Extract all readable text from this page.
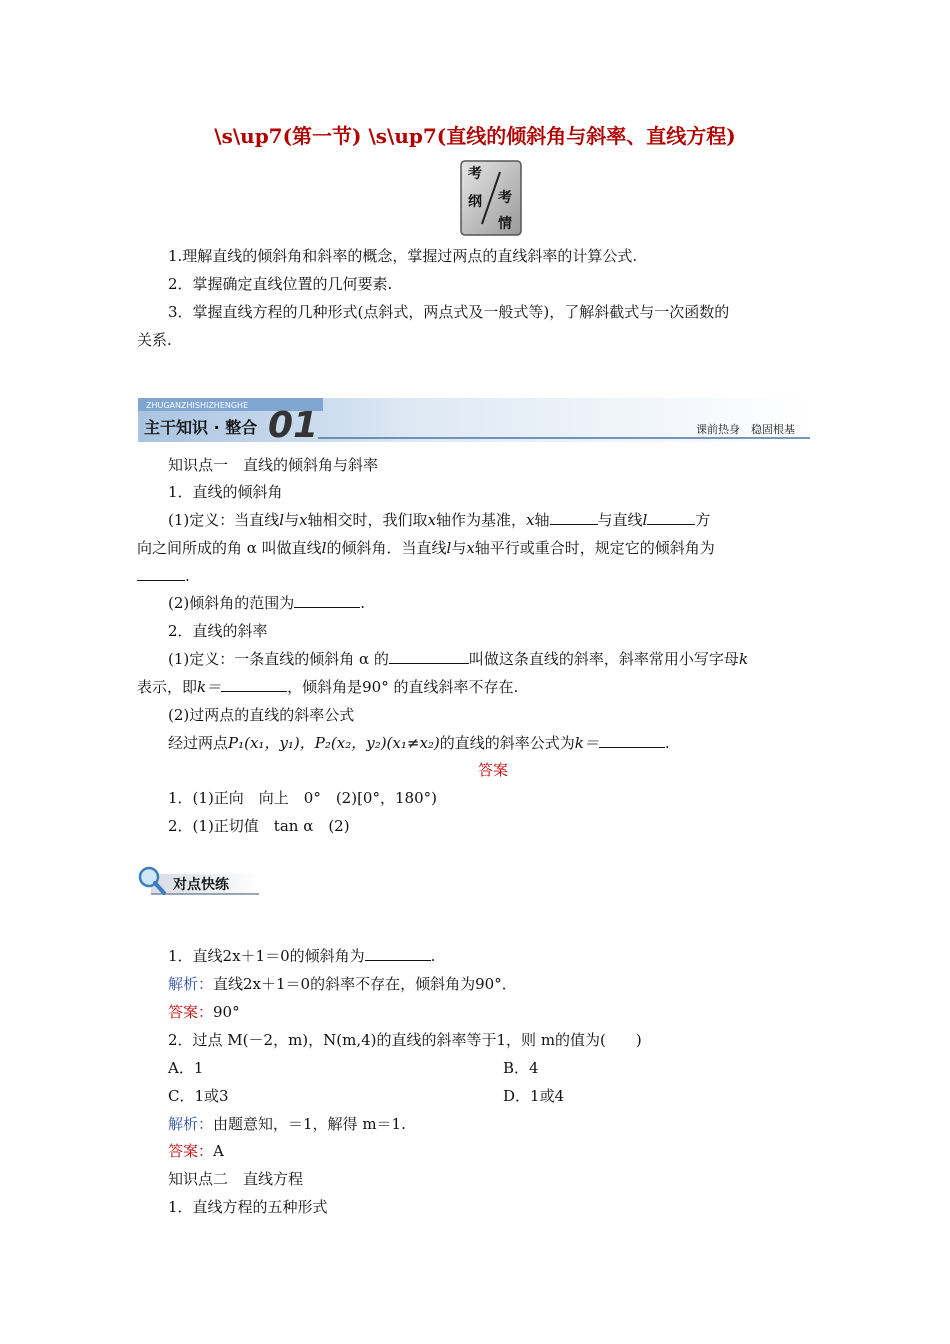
\s\up7(第一节) \s\up7(直线的倾斜角与斜率、直线方程)
考
纲 考
情
1.理解直线的倾斜角和斜率的概念，掌握过两点的直线斜率的计算公式.
2．掌握确定直线位置的几何要素.
3．掌握直线方程的几种形式(点斜式，两点式及一般式等)，了解斜截式与一次函数的
关系.
ZHUGANZHISHIZHENGHE
主干知识 · 整合 01	课前热身　稳固根基
知识点一　直线的倾斜角与斜率
1．直线的倾斜角
(1)定义：当直线l与x轴相交时，我们取x轴作为基准，x轴	与直线l	方
向之间所成的角 α 叫做直线l的倾斜角．当直线l与x轴平行或重合时，规定它的倾斜角为
.
(2)倾斜角的范围为	.
2．直线的斜率
(1)定义：一条直线的倾斜角 α 的	叫做这条直线的斜率，斜率常用小写字母k
表示，即k＝	，倾斜角是90° 的直线斜率不存在.
(2)过两点的直线的斜率公式
经过两点P₁(x₁，y₁)，P₂(x₂，y₂)(x₁≠x₂)的直线的斜率公式为k＝	.
答案
1．(1)正向　向上　0°　(2)[0°，180°)
2．(1)正切值　tan α　(2)
对点快练
1．直线2x＋1＝0的倾斜角为	.
解析：直线2x＋1＝0的斜率不存在，倾斜角为90°．
答案：90°
2．过点 M(－2，m)，N(m,4)的直线的斜率等于1，则 m的值为(　　)
A．1	B．4
C．1或3	D．1或4
解析：由题意知，＝1，解得 m＝1.
答案：A
知识点二　直线方程
1．直线方程的五种形式
